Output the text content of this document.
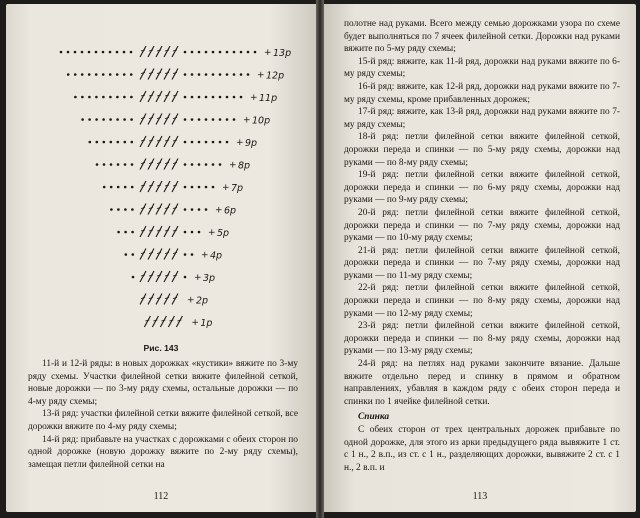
+ 13р
+ 12р
+ 11р
+ 10р
+ 9р
+ 8р
+ 7р
+ 6р
+ 5р
+ 4р
+ 3р
+ 2р
+ 1р
Рис. 143

11-й и 12-й ряды: в новых дорожках «кустики» вяжите по 3-му ряду схемы. Участки филейной сетки вяжите филейной сеткой, новые дорожки — по 3-му ряду схемы, остальные дорожки — по 4-му ряду схемы;

13-й ряд: участки филейной сетки вяжите филейной сеткой, все дорожки вяжите по 4-му ряду схемы;

14-й ряд: прибавьте на участках с дорожками с обеих сторон по одной дорожке (новую дорожку вяжите по 2-му ряду схемы), замещая петли филейной сетки на

112

полотне над руками. Всего между семью дорожками узора по схеме будет выполняться по 7 ячеек филейной сетки. Дорожки над руками вяжите по 5-му ряду схемы;

15-й ряд: вяжите, как 11-й ряд, дорожки над руками вяжите по 6-му ряду схемы;

16-й ряд: вяжите, как 12-й ряд, дорожки над руками вяжите по 7-му ряду схемы, кроме прибавленных дорожек;

17-й ряд: вяжите, как 13-й ряд, дорожки над руками вяжите по 7-му ряду схемы;

18-й ряд: петли филейной сетки вяжите филейной сеткой, дорожки переда и спинки — по 5-му ряду схемы, дорожки над руками — по 8-му ряду схемы;

19-й ряд: петли филейной сетки вяжите филейной сеткой, дорожки переда и спинки — по 6-му ряду схемы, дорожки над руками — по 9-му ряду схемы;

20-й ряд: петли филейной сетки вяжите филейной сеткой, дорожки переда и спинки — по 7-му ряду схемы, дорожки над руками — по 10-му ряду схемы;

21-й ряд: петли филейной сетки вяжите филейной сеткой, дорожки переда и спинки — по 7-му ряду схемы, дорожки над руками — по 11-му ряду схемы;

22-й ряд: петли филейной сетки вяжите филейной сеткой, дорожки переда и спинки — по 8-му ряду схемы, дорожки над руками — по 12-му ряду схемы;

23-й ряд: петли филейной сетки вяжите филейной сеткой, дорожки переда и спинки — по 8-му ряду схемы, дорожки над руками — по 13-му ряду схемы;

24-й ряд: на петлях над руками закончите вязание. Дальше вяжите отдельно перед и спинку в прямом и обратном направлениях, убавляя в каждом ряду с обеих сторон переда и спинки по 1 ячейке филейной сетки.

Спинка

С обеих сторон от трех центральных дорожек прибавьте по одной дорожке, для этого из арки предыдущего ряда вывяжите 1 ст. с 1 н., 2 в.п., из ст. с 1 н., разделяющих дорожки, вывяжите 2 ст. с 1 н., 2 в.п. и

113
